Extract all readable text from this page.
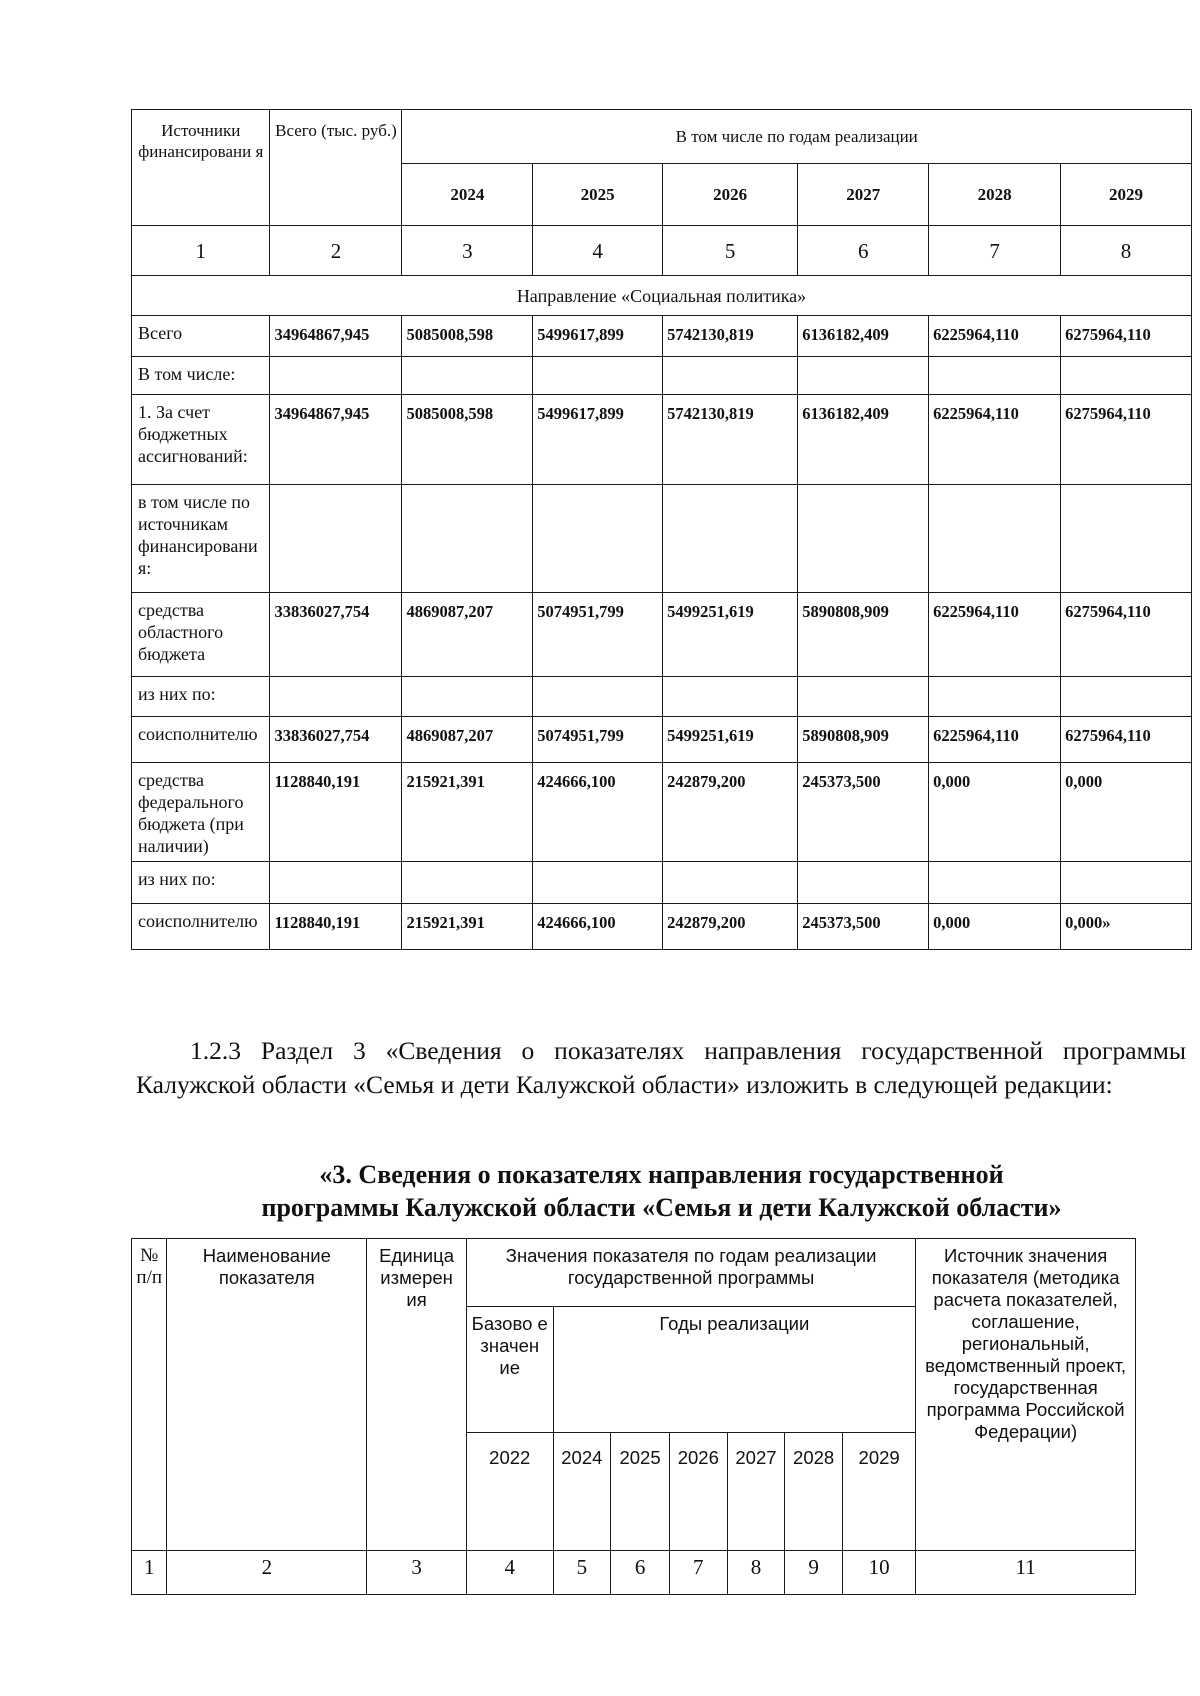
Источники финансировани я	Всего (тыс. руб.)	В том числе по годам реализации					
		2024	2025	2026	2027	2028	2029
1	2	3	4	5	6	7	8
Направление «Социальная политика»							
Всего	34964867,945	5085008,598	5499617,899	5742130,819	6136182,409	6225964,110	6275964,110
В том числе:							
1. За счет бюджетных ассигнований:	34964867,945	5085008,598	5499617,899	5742130,819	6136182,409	6225964,110	6275964,110
в том числе по источникам финансировани я:							
средства областного бюджета	33836027,754	4869087,207	5074951,799	5499251,619	5890808,909	6225964,110	6275964,110
из них по:							
соисполнителю	33836027,754	4869087,207	5074951,799	5499251,619	5890808,909	6225964,110	6275964,110
средства федерального бюджета (при наличии)	1128840,191	215921,391	424666,100	242879,200	245373,500	0,000	0,000
из них по:							
соисполнителю	1128840,191	215921,391	424666,100	242879,200	245373,500	0,000	0,000»

1.2.3 Раздел 3 «Сведения о показателях направления государственной программы
Калужской области «Семья и дети Калужской области» изложить в следующей редакции:

«3. Сведения о показателях направления государственной
программы Калужской области «Семья и дети Калужской области»
№ п/п	Наименование показателя	Единица измерен ия	Значения показателя по годам реализации государственной программы							Источник значения показателя (методика расчета показателей, соглашение, региональный, ведомственный проект, государственная программа Российской Федерации)
			Базово е значен ие	Годы реализации						
			2022	2024	2025	2026	2027	2028	2029	
1	2	3	4	5	6	7	8	9	10	11
